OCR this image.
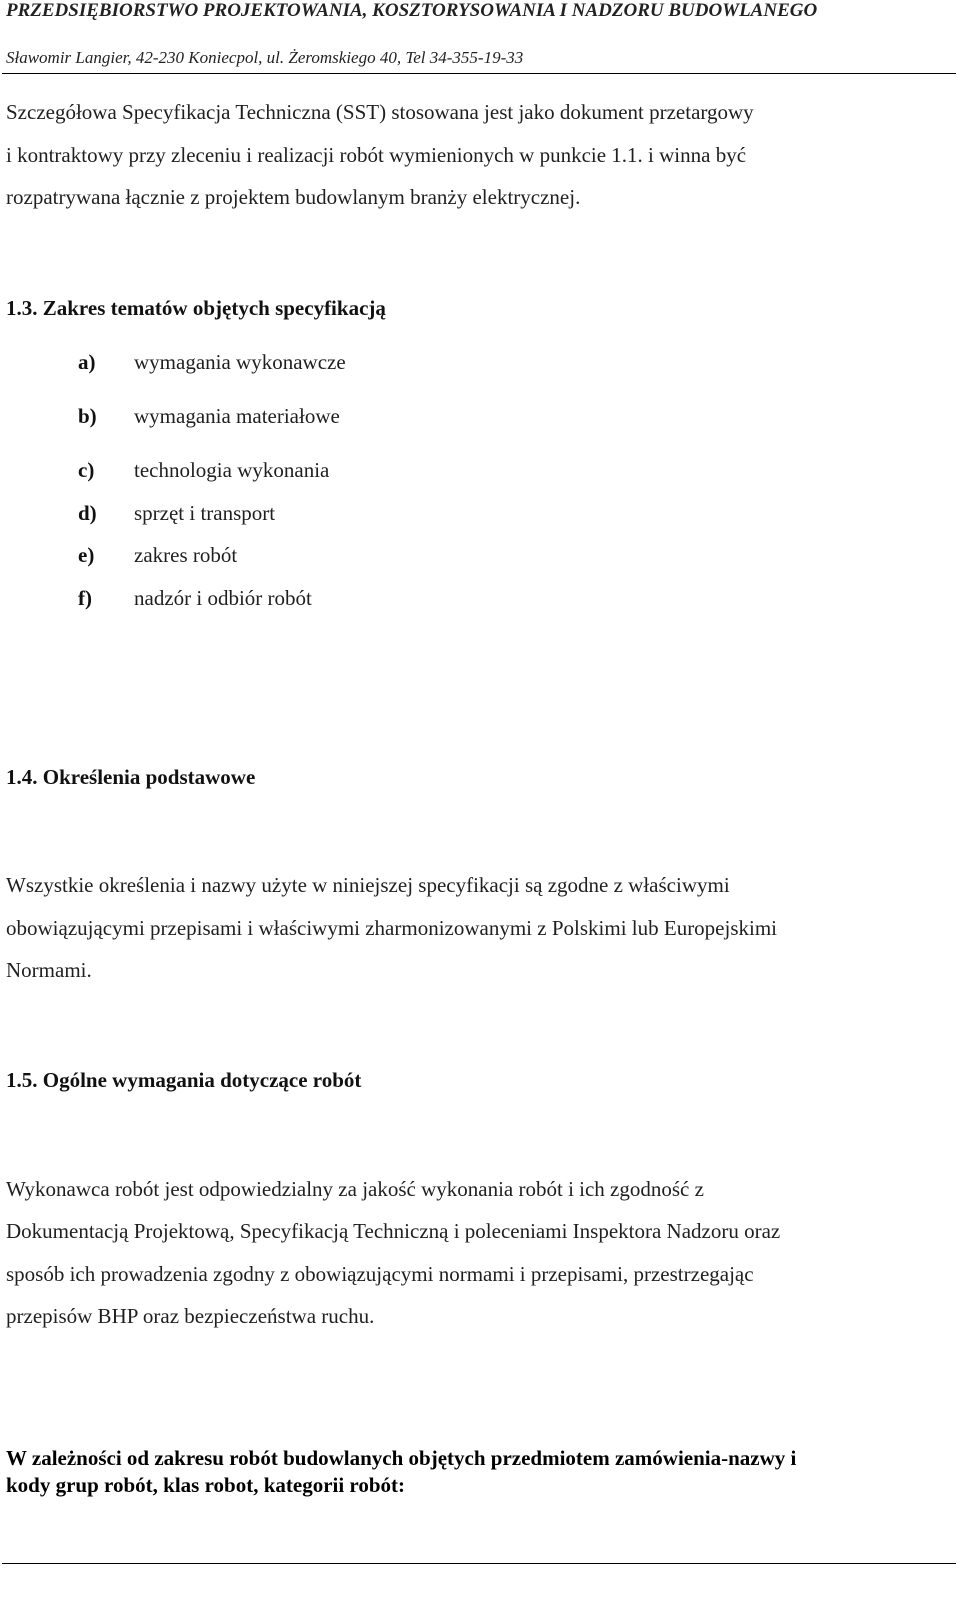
PRZEDSIĘBIORSTWO PROJEKTOWANIA, KOSZTORYSOWANIA I NADZORU BUDOWLANEGO
Sławomir Langier, 42-230 Koniecpol, ul. Żeromskiego 40, Tel 34-355-19-33
Szczegółowa Specyfikacja Techniczna (SST) stosowana jest jako dokument przetargowy
i kontraktowy przy zleceniu i realizacji robót wymienionych w punkcie 1.1. i winna być
rozpatrywana łącznie z projektem budowlanym branży elektrycznej.
1.3. Zakres tematów objętych specyfikacją
a) wymagania wykonawcze
b) wymagania materiałowe
c) technologia wykonania
d) sprzęt i transport
e) zakres robót
f) nadzór i odbiór robót
1.4. Określenia podstawowe
Wszystkie określenia i nazwy użyte w niniejszej specyfikacji są zgodne z właściwymi
obowiązującymi przepisami i właściwymi zharmonizowanymi z Polskimi lub Europejskimi
Normami.
1.5. Ogólne wymagania dotyczące robót
Wykonawca robót jest odpowiedzialny za jakość wykonania robót i ich zgodność z
Dokumentacją Projektową, Specyfikacją Techniczną i poleceniami Inspektora Nadzoru oraz
sposób ich prowadzenia zgodny z obowiązującymi normami i przepisami, przestrzegając
przepisów BHP oraz bezpieczeństwa ruchu.
W zależności od zakresu robót budowlanych objętych przedmiotem zamówienia-nazwy i
kody grup robót, klas robot, kategorii robót:
